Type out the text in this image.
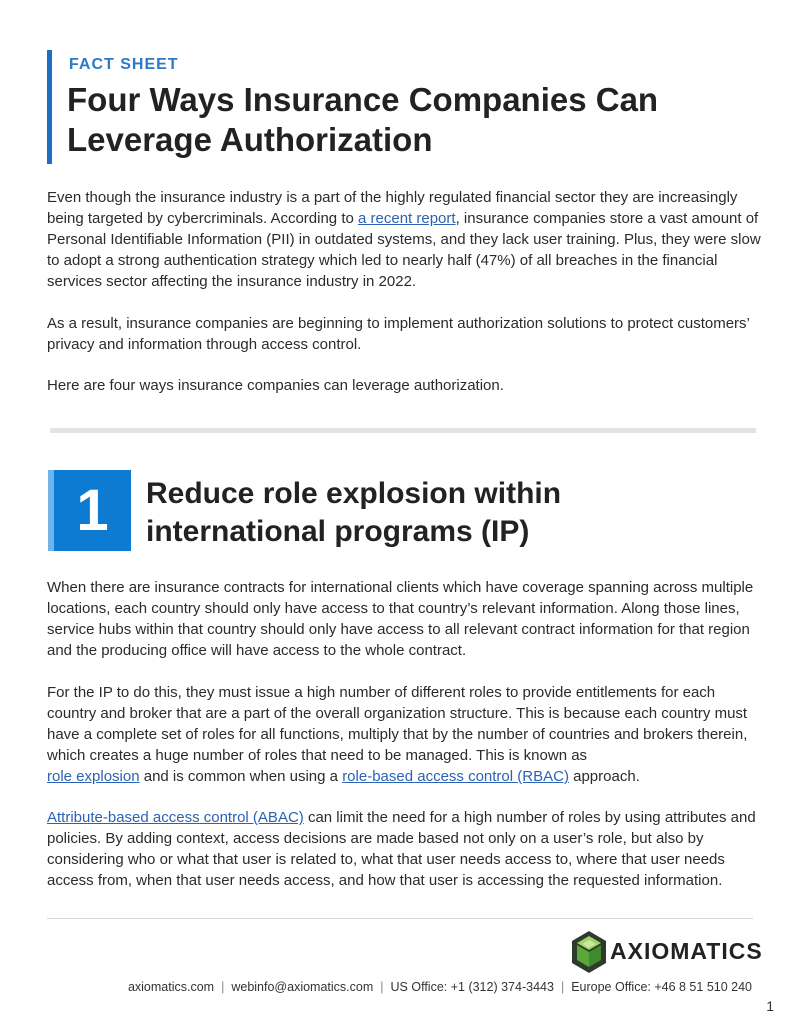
FACT SHEET
Four Ways Insurance Companies Can
Leverage Authorization

Even though the insurance industry is a part of the highly regulated financial sector they are increasingly being targeted by cybercriminals. According to a recent report, insurance companies store a vast amount of Personal Identifiable Information (PII) in outdated systems, and they lack user training. Plus, they were slow to adopt a strong authentication strategy which led to nearly half (47%) of all breaches in the financial services sector affecting the insurance industry in 2022.

As a result, insurance companies are beginning to implement authorization solutions to protect customers’ privacy and information through access control.

Here are four ways insurance companies can leverage authorization.

1	Reduce role explosion within
international programs (IP)

When there are insurance contracts for international clients which have coverage spanning across multiple locations, each country should only have access to that country’s relevant information. Along those lines, service hubs within that country should only have access to all relevant contract information for that region and the producing office will have access to the whole contract.

For the IP to do this, they must issue a high number of different roles to provide entitlements for each country and broker that are a part of the overall organization structure. This is because each country must have a complete set of roles for all functions, multiply that by the number of countries and brokers therein, which creates a huge number of roles that need to be managed. This is known as
role explosion and is common when using a role-based access control (RBAC) approach.

Attribute-based access control (ABAC) can limit the need for a high number of roles by using attributes and policies. By adding context, access decisions are made based not only on a user’s role, but also by considering who or what that user is related to, what that user needs access to, where that user needs access from, when that user needs access, and how that user is accessing the requested information.

AXIOMATICS
axiomatics.com | webinfo@axiomatics.com | US Office: +1 (312) 374-3443 | Europe Office: +46 8 51 510 240
1
